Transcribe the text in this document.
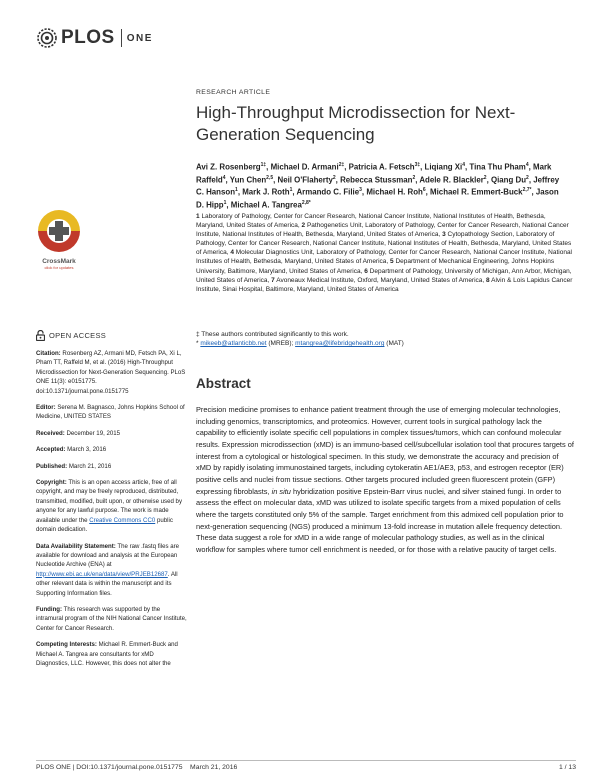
PLOS ONE
CrossMark
click for updates
OPEN ACCESS
Citation: Rosenberg AZ, Armani MD, Fetsch PA, Xi L, Pham TT, Raffeld M, et al. (2016) High-Throughput Microdissection for Next-Generation Sequencing. PLoS ONE 11(3): e0151775. doi:10.1371/journal.pone.0151775
Editor: Serena M. Bagnasco, Johns Hopkins School of Medicine, UNITED STATES
Received: December 19, 2015
Accepted: March 3, 2016
Published: March 21, 2016
Copyright: This is an open access article, free of all copyright, and may be freely reproduced, distributed, transmitted, modified, built upon, or otherwise used by anyone for any lawful purpose. The work is made available under the Creative Commons CC0 public domain dedication.
Data Availability Statement: The raw .fastq files are available for download and analysis at the European Nucleotide Archive (ENA) at http://www.ebi.ac.uk/ena/data/view/PRJEB12687. All other relevant data is within the manuscript and its Supporting Information files.
Funding: This research was supported by the intramural program of the NIH National Cancer Institute, Center for Cancer Research.
Competing Interests: Michael R. Emmert-Buck and Michael A. Tangrea are consultants for xMD Diagnostics, LLC. However, this does not alter the
RESEARCH ARTICLE
High-Throughput Microdissection for Next-Generation Sequencing
Avi Z. Rosenberg$^{1\ddagger}$, Michael D. Armani$^{2\ddagger}$, Patricia A. Fetsch$^{3\ddagger}$, Liqiang Xi$^4$, Tina Thu Pham$^4$, Mark Raffeld$^4$, Yun Chen$^{2,5}$, Neil O'Flaherty$^2$, Rebecca Stussman$^2$, Adele R. Blackler$^2$, Qiang Du$^2$, Jeffrey C. Hanson$^1$, Mark J. Roth$^1$, Armando C. Filie$^3$, Michael H. Roh$^6$, Michael R. Emmert-Buck$^{2,7*}$, Jason D. Hipp$^1$, Michael A. Tangrea$^{2,8*}$
1 Laboratory of Pathology, Center for Cancer Research, National Cancer Institute, National Institutes of Health, Bethesda, Maryland, United States of America, 2 Pathogenetics Unit, Laboratory of Pathology, Center for Cancer Research, National Cancer Institute, National Institutes of Health, Bethesda, Maryland, United States of America, 3 Cytopathology Section, Laboratory of Pathology, Center for Cancer Research, National Cancer Institute, National Institutes of Health, Bethesda, Maryland, United States of America, 4 Molecular Diagnostics Unit, Laboratory of Pathology, Center for Cancer Research, National Cancer Institute, National Institutes of Health, Bethesda, Maryland, United States of America, 5 Department of Mechanical Engineering, Johns Hopkins University, Baltimore, Maryland, United States of America, 6 Department of Pathology, University of Michigan, Ann Arbor, Michigan, United States of America, 7 Avoneaux Medical Institute, Oxford, Maryland, United States of America, 8 Alvin & Lois Lapidus Cancer Institute, Sinai Hospital, Baltimore, Maryland, United States of America
‡ These authors contributed significantly to this work.
* mikeeb@atlanticbb.net (MREB); mtangrea@lifebridgehealth.org (MAT)
Abstract

Precision medicine promises to enhance patient treatment through the use of emerging molecular technologies, including genomics, transcriptomics, and proteomics. However, current tools in surgical pathology lack the capability to efficiently isolate specific cell populations in complex tissues/tumors, which can confound molecular results. Expression microdissection (xMD) is an immuno-based cell/subcellular isolation tool that procures targets of interest from a cytological or histological specimen. In this study, we demonstrate the accuracy and precision of xMD by rapidly isolating immunostained targets, including cytokeratin AE1/AE3, p53, and estrogen receptor (ER) positive cells and nuclei from tissue sections. Other targets procured included green fluorescent protein (GFP) expressing fibroblasts, in situ hybridization positive Epstein-Barr virus nuclei, and silver stained fungi. In order to assess the effect on molecular data, xMD was utilized to isolate specific targets from a mixed population of cells where the targets constituted only 5% of the sample. Target enrichment from this admixed cell population prior to next-generation sequencing (NGS) produced a minimum 13-fold increase in mutation allele frequency detection. These data suggest a role for xMD in a wide range of molecular pathology studies, as well as in the clinical workflow for samples where tumor cell enrichment is needed, or for those with a relative paucity of target cells.

PLOS ONE | DOI:10.1371/journal.pone.0151775    March 21, 2016	1 / 13
